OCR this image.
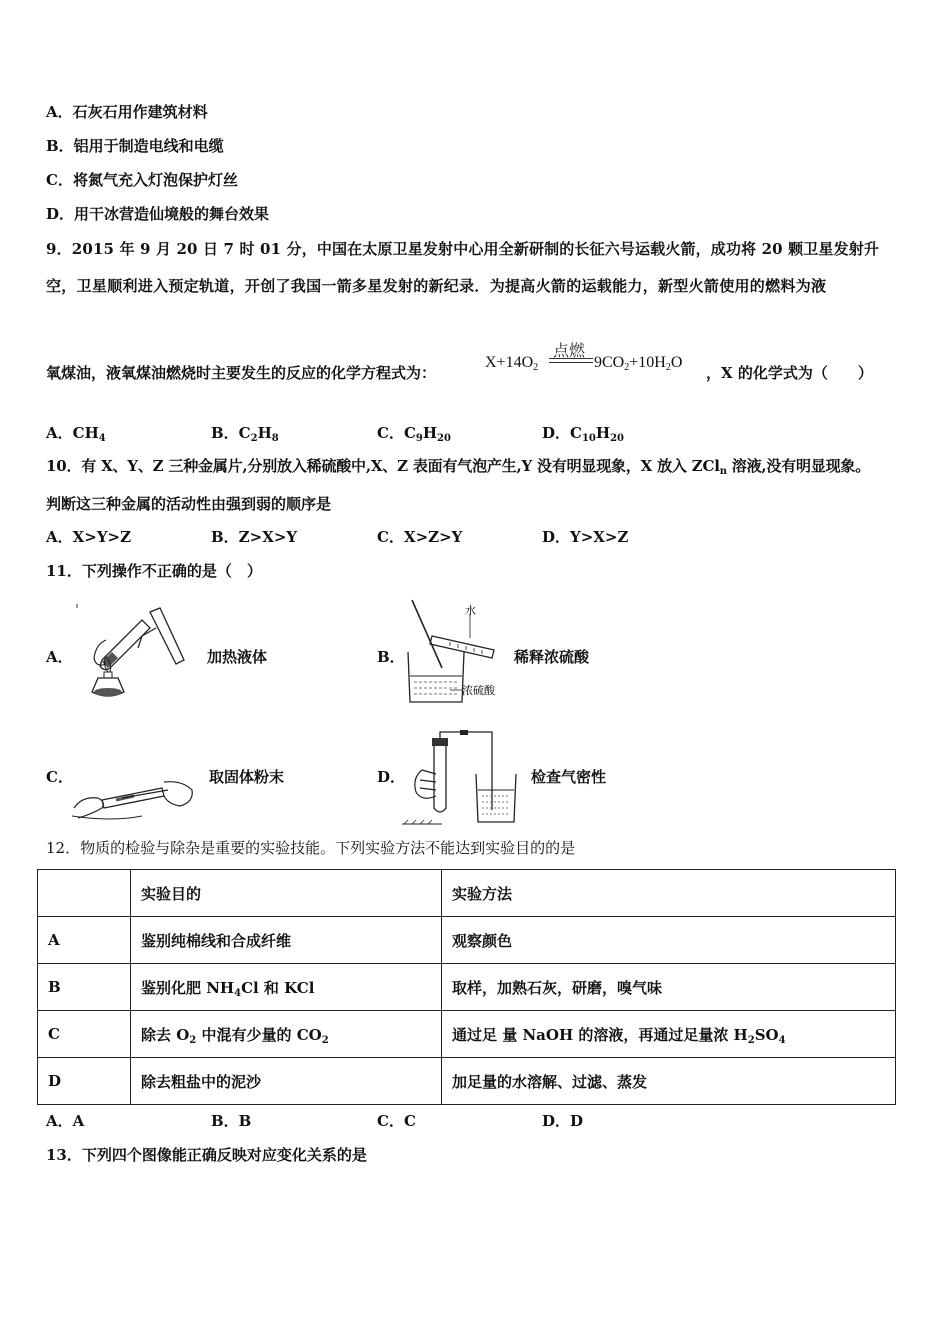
A．石灰石用作建筑材料
B．铝用于制造电线和电缆
C．将氮气充入灯泡保护灯丝
D．用干冰营造仙境般的舞台效果
9．2015 年 9 月 20 日 7 时 01 分，中国在太原卫星发射中心用全新研制的长征六号运载火箭，成功将 20 颗卫星发射升
空，卫星顺利进入预定轨道，开创了我国一箭多星发射的新纪录．为提高火箭的运载能力，新型火箭使用的燃料为液
氧煤油，液氧煤油燃烧时主要发生的反应的化学方程式为：
$X+14O_2$
点燃
$9CO_2+10H_2O$
，X 的化学式为（　　）
A．$CH_4$	B．$C_2H_8$	C．$C_9H_{20}$	D．$C_{10}H_{20}$
10．有 X、Y、Z 三种金属片,分别放入稀硫酸中,X、Z 表面有气泡产生,Y 没有明显现象，X 放入 ZCl$_n$ 溶液,没有明显现象。
判断这三种金属的活动性由强到弱的顺序是
A．X>Y>Z	B．Z>X>Y	C．X>Z>Y	D．Y>X>Z
11．下列操作不正确的是（　）
A．	加热液体	B．
水
浓硫酸
稀释浓硫酸
C．	取固体粉末	D．	检查气密性
12．物质的检验与除杂是重要的实验技能。下列实验方法不能达到实验目的的是
	实验目的	实验方法
A	鉴别纯棉线和合成纤维	观察颜色
B	鉴别化肥 $NH_4Cl$ 和 KCl	取样，加熟石灰，研磨，嗅气味
C	除去 $O_2$ 中混有少量的 $CO_2$	通过足 量 NaOH 的溶液，再通过足量浓 $H_2SO_4$
D	除去粗盐中的泥沙	加足量的水溶解、过滤、蒸发
A．A	B．B	C．C	D．D
13．下列四个图像能正确反映对应变化关系的是
